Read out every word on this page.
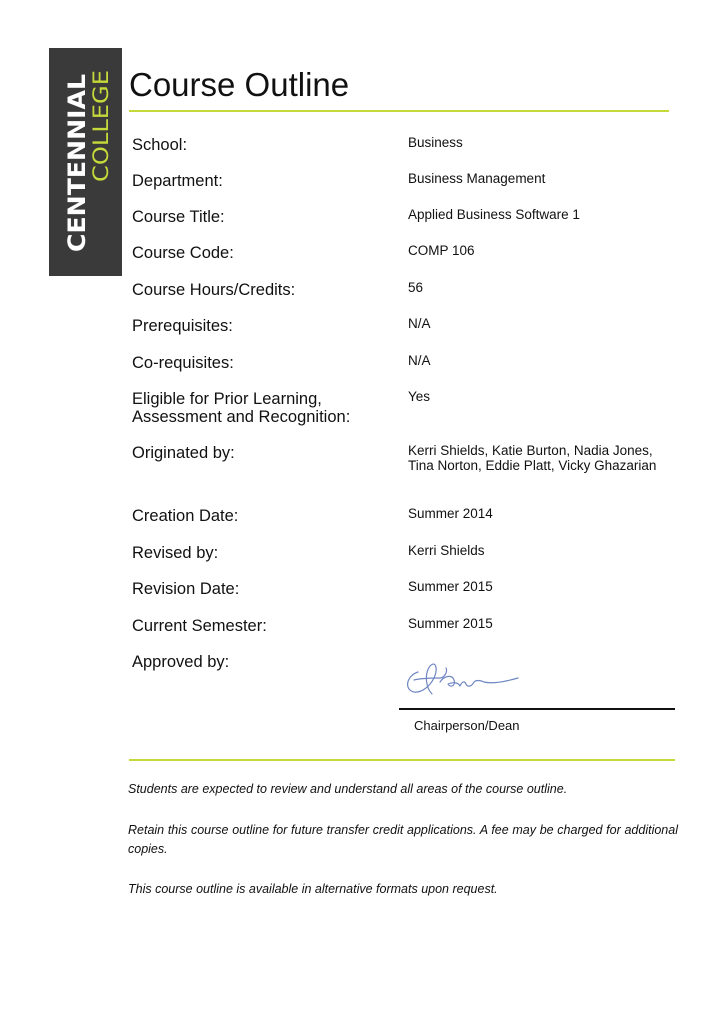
CENTENNIAL
COLLEGE
Course Outline
School:	Business
Department:	Business Management
Course Title:	Applied Business Software 1
Course Code:	COMP 106
Course Hours/Credits:	56
Prerequisites:	N/A
Co-requisites:	N/A
Eligible for Prior Learning, Assessment and Recognition:
Yes
Originated by:	Kerri Shields, Katie Burton, Nadia Jones, Tina Norton, Eddie Platt, Vicky Ghazarian
Creation Date:	Summer 2014
Revised by:	Kerri Shields
Revision Date:	Summer 2015
Current Semester:	Summer 2015
Approved by:
Chairperson/Dean
Students are expected to review and understand all areas of the course outline.
Retain this course outline for future transfer credit applications. A fee may be charged for additional copies.
This course outline is available in alternative formats upon request.
